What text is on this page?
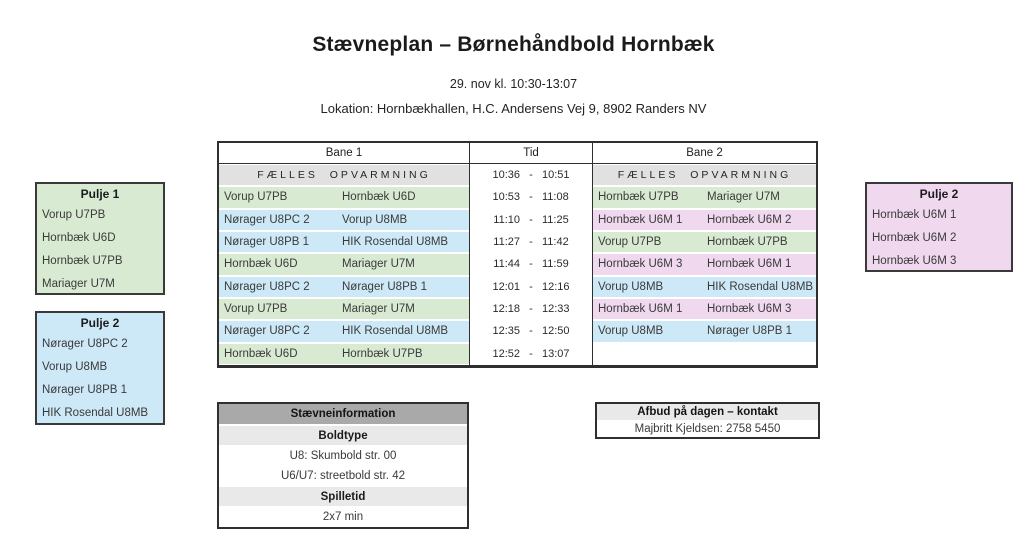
Stævneplan – Børnehåndbold Hornbæk
29. nov kl. 10:30-13:07
Lokation: Hornbækhallen, H.C. Andersens Vej 9, 8902 Randers NV
Pulje 1
Vorup U7PB
Hornbæk U6D
Hornbæk U7PB
Mariager U7M
Pulje 2
Nørager U8PC 2
Vorup U8MB
Nørager U8PB 1
HIK Rosendal U8MB
Pulje 2
Hornbæk U6M 1
Hornbæk U6M 2
Hornbæk U6M 3
Bane 1	Tid	Bane 2
FÆLLES OPVARMNING	10:36 - 10:51	FÆLLES OPVARMNING
Vorup U7PB	Hornbæk U6D	10:53 - 11:08	Hornbæk U7PB	Mariager U7M
Nørager U8PC 2	Vorup U8MB	11:10 - 11:25	Hornbæk U6M 1	Hornbæk U6M 2
Nørager U8PB 1	HIK Rosendal U8MB	11:27 - 11:42	Vorup U7PB	Hornbæk U7PB
Hornbæk U6D	Mariager U7M	11:44 - 11:59	Hornbæk U6M 3	Hornbæk U6M 1
Nørager U8PC 2	Nørager U8PB 1	12:01 - 12:16	Vorup U8MB	HIK Rosendal U8MB
Vorup U7PB	Mariager U7M	12:18 - 12:33	Hornbæk U6M 1	Hornbæk U6M 3
Nørager U8PC 2	HIK Rosendal U8MB	12:35 - 12:50	Vorup U8MB	Nørager U8PB 1
Hornbæk U6D	Hornbæk U7PB	12:52 - 13:07
Stævneinformation
Boldtype
U8: Skumbold str. 00
U6/U7: streetbold str. 42
Spilletid
2x7 min
Afbud på dagen – kontakt
Majbritt Kjeldsen: 2758 5450
